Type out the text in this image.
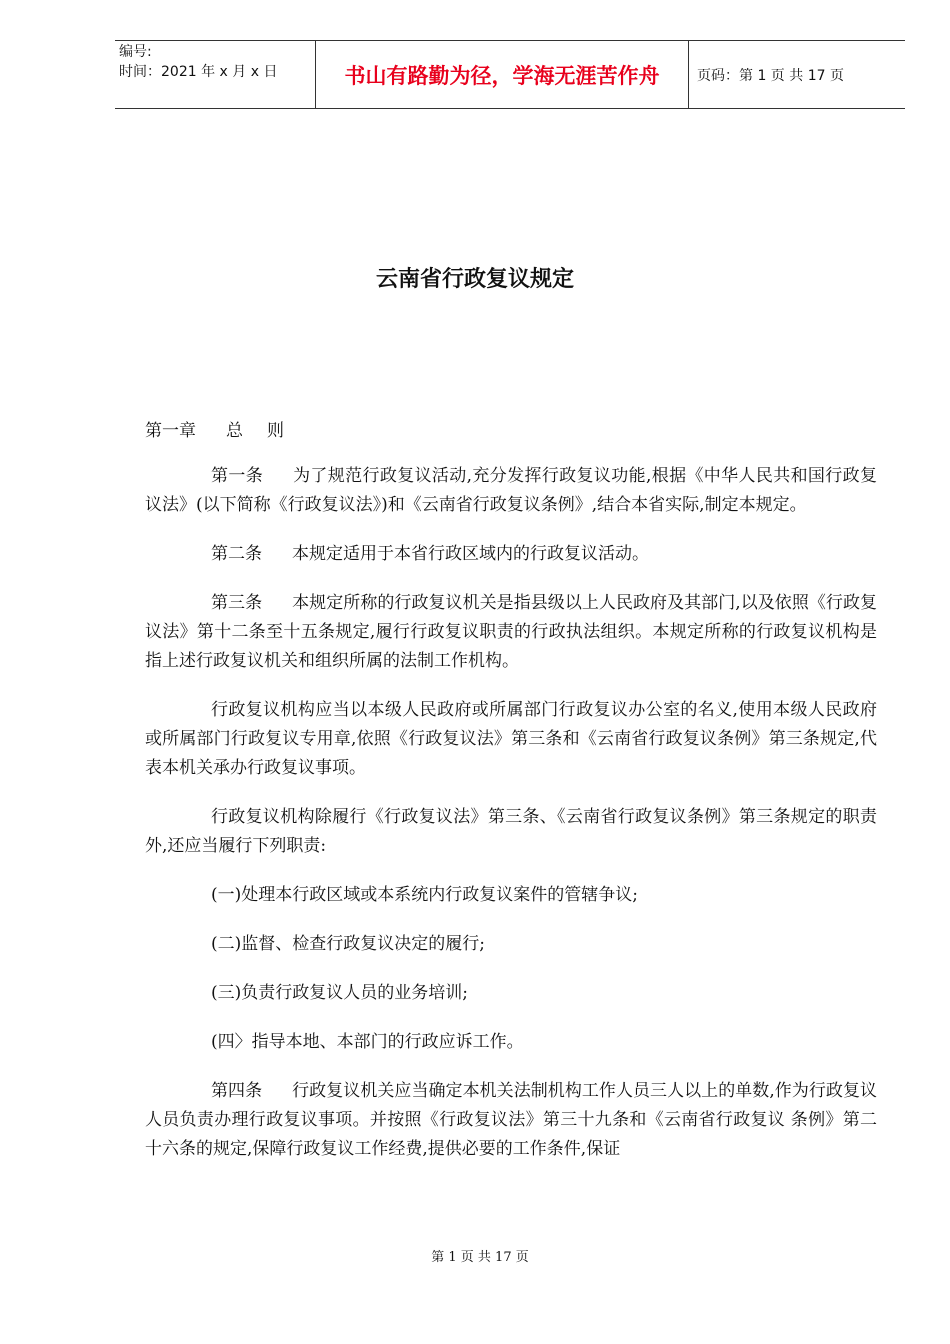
编号:
时间：2021 年 x 月 x 日	书山有路勤为径，学海无涯苦作舟	页码：第 1 页 共 17 页
云南省行政复议规定
第一章 总 则

第一条 为了规范行政复议活动,充分发挥行政复议功能,根据《中华人民共和国行政复议法》(以下简称《行政复议法》)和《云南省行政复议条例》,结合本省实际,制定本规定。

第二条 本规定适用于本省行政区域内的行政复议活动。

第三条 本规定所称的行政复议机关是指县级以上人民政府及其部门,以及依照《行政复议法》第十二条至十五条规定,履行行政复议职责的行政执法组织。本规定所称的行政复议机构是指上述行政复议机关和组织所属的法制工作机构。

行政复议机构应当以本级人民政府或所属部门行政复议办公室的名义,使用本级人民政府或所属部门行政复议专用章,依照《行政复议法》第三条和《云南省行政复议条例》第三条规定,代表本机关承办行政复议事项。

行政复议机构除履行《行政复议法》第三条、《云南省行政复议条例》第三条规定的职责外,还应当履行下列职责:

(一)处理本行政区域或本系统内行政复议案件的管辖争议;

(二)监督、检查行政复议决定的履行;

(三)负责行政复议人员的业务培训;

(四〉指导本地、本部门的行政应诉工作。

第四条 行政复议机关应当确定本机关法制机构工作人员三人以上的单数,作为行政复议人员负责办理行政复议事项。并按照《行政复议法》第三十九条和《云南省行政复议 条例》第二十六条的规定,保障行政复议工作经费,提供必要的工作条件,保证

第 1 页 共 17 页
